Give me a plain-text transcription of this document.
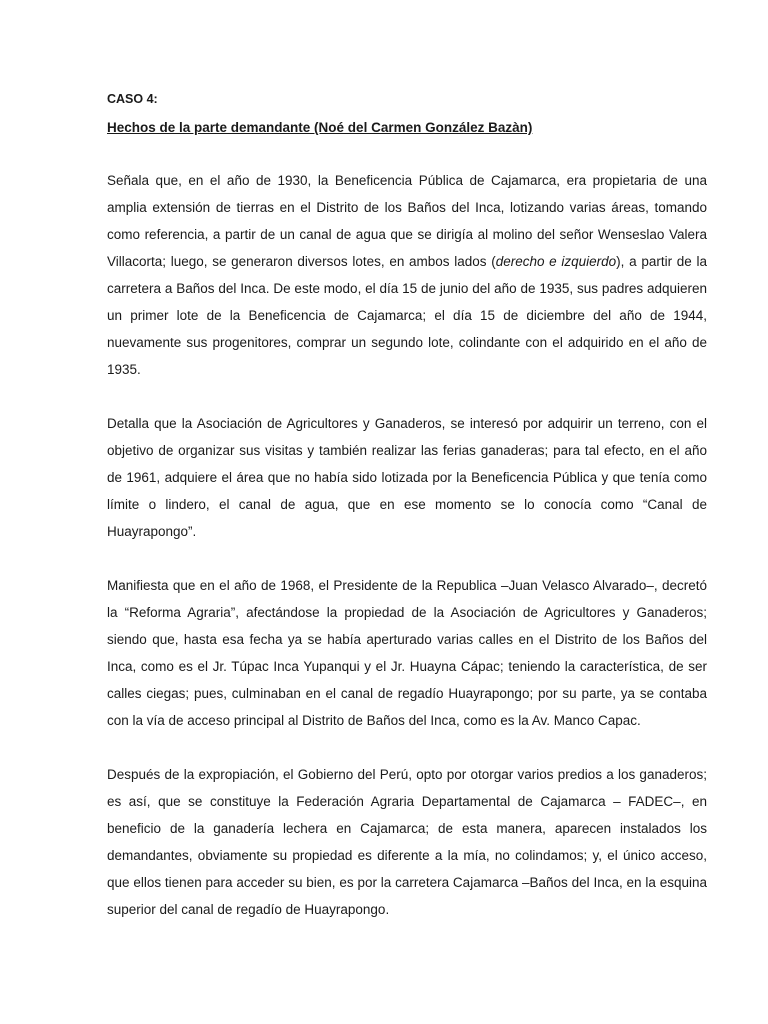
CASO 4:

Hechos de la parte demandante (Noé del Carmen González Bazàn)

Señala que, en el año de 1930, la Beneficencia Pública de Cajamarca, era propietaria de una amplia extensión de tierras en el Distrito de los Baños del Inca, lotizando varias áreas, tomando como referencia, a partir de un canal de agua que se dirigía al molino del señor Wenseslao Valera Villacorta; luego, se generaron diversos lotes, en ambos lados (derecho e izquierdo), a partir de la carretera a Baños del Inca. De este modo, el día 15 de junio del año de 1935, sus padres adquieren un primer lote de la Beneficencia de Cajamarca; el día 15 de diciembre del año de 1944, nuevamente sus progenitores, comprar un segundo lote, colindante con el adquirido en el año de 1935.

Detalla que la Asociación de Agricultores y Ganaderos, se interesó por adquirir un terreno, con el objetivo de organizar sus visitas y también realizar las ferias ganaderas; para tal efecto, en el año de 1961, adquiere el área que no había sido lotizada por la Beneficencia Pública y que tenía como límite o lindero, el canal de agua, que en ese momento se lo conocía como “Canal de Huayrapongo”.

Manifiesta que en el año de 1968, el Presidente de la Republica –Juan Velasco Alvarado–, decretó la “Reforma Agraria”, afectándose la propiedad de la Asociación de Agricultores y Ganaderos; siendo que, hasta esa fecha ya se había aperturado varias calles en el Distrito de los Baños del Inca, como es el Jr. Túpac Inca Yupanqui y el Jr. Huayna Cápac; teniendo la característica, de ser calles ciegas; pues, culminaban en el canal de regadío Huayrapongo; por su parte, ya se contaba con la vía de acceso principal al Distrito de Baños del Inca, como es la Av. Manco Capac.

Después de la expropiación, el Gobierno del Perú, opto por otorgar varios predios a los ganaderos; es así, que se constituye la Federación Agraria Departamental de Cajamarca – FADEC–, en beneficio de la ganadería lechera en Cajamarca; de esta manera, aparecen instalados los demandantes, obviamente su propiedad es diferente a la mía, no colindamos; y, el único acceso, que ellos tienen para acceder su bien, es por la carretera Cajamarca –Baños del Inca, en la esquina superior del canal de regadío de Huayrapongo.
